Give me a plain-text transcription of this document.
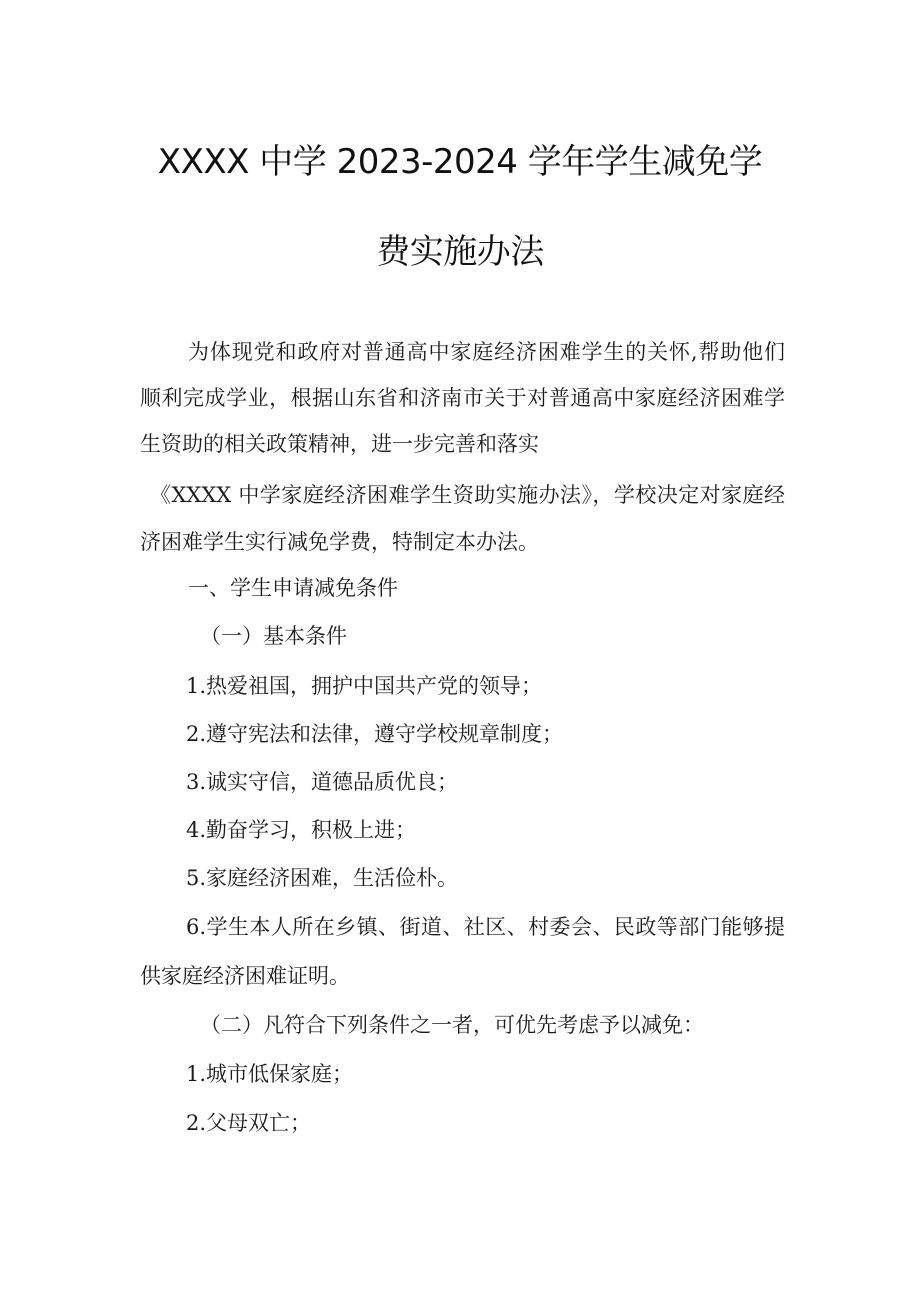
XXXX 中学 2023-2024 学年学生减免学
费实施办法
为体现党和政府对普通高中家庭经济困难学生的关怀,帮助他们
顺利完成学业，根据山东省和济南市关于对普通高中家庭经济困难学
生资助的相关政策精神，进一步完善和落实
《XXXX 中学家庭经济困难学生资助实施办法》，学校决定对家庭经
济困难学生实行减免学费，特制定本办法。
一、学生申请减免条件
（一）基本条件
1.热爱祖国，拥护中国共产党的领导；
2.遵守宪法和法律，遵守学校规章制度；
3.诚实守信，道德品质优良；
4.勤奋学习，积极上进；
5.家庭经济困难，生活俭朴。
6.学生本人所在乡镇、街道、社区、村委会、民政等部门能够提
供家庭经济困难证明。
（二）凡符合下列条件之一者，可优先考虑予以减免：
1.城市低保家庭；
2.父母双亡；
